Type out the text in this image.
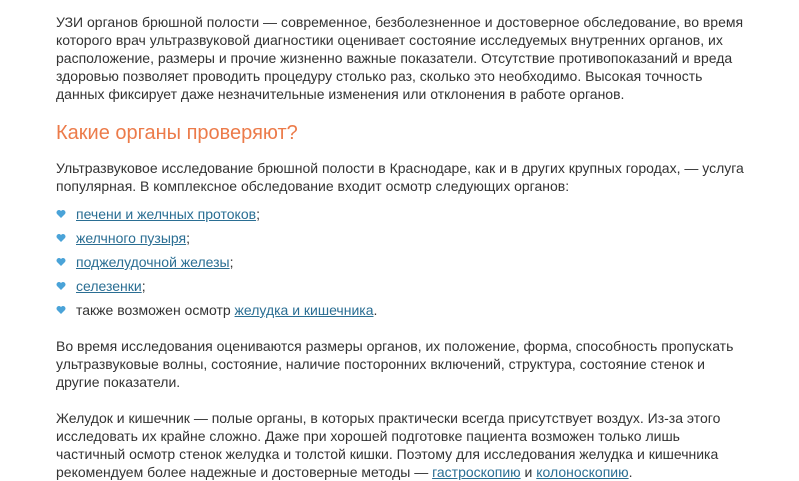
УЗИ органов брюшной полости — современное, безболезненное и достоверное обследование, во время которого врач ультразвуковой диагностики оценивает состояние исследуемых внутренних органов, их расположение, размеры и прочие жизненно важные показатели. Отсутствие противопоказаний и вреда здоровью позволяет проводить процедуру столько раз, сколько это необходимо. Высокая точность данных фиксирует даже незначительные изменения или отклонения в работе органов.

Какие органы проверяют?

Ультразвуковое исследование брюшной полости в Краснодаре, как и в других крупных городах, — услуга популярная. В комплексное обследование входит осмотр следующих органов:

печени и желчных протоков;
желчного пузыря;
поджелудочной железы;
селезенки;
также возможен осмотр желудка и кишечника.

Во время исследования оцениваются размеры органов, их положение, форма, способность пропускать ультразвуковые волны, состояние, наличие посторонних включений, структура, состояние стенок и другие показатели.

Желудок и кишечник — полые органы, в которых практически всегда присутствует воздух. Из-за этого исследовать их крайне сложно. Даже при хорошей подготовке пациента возможен только лишь частичный осмотр стенок желудка и толстой кишки. Поэтому для исследования желудка и кишечника рекомендуем более надежные и достоверные методы — гастроскопию и колоноскопию.
